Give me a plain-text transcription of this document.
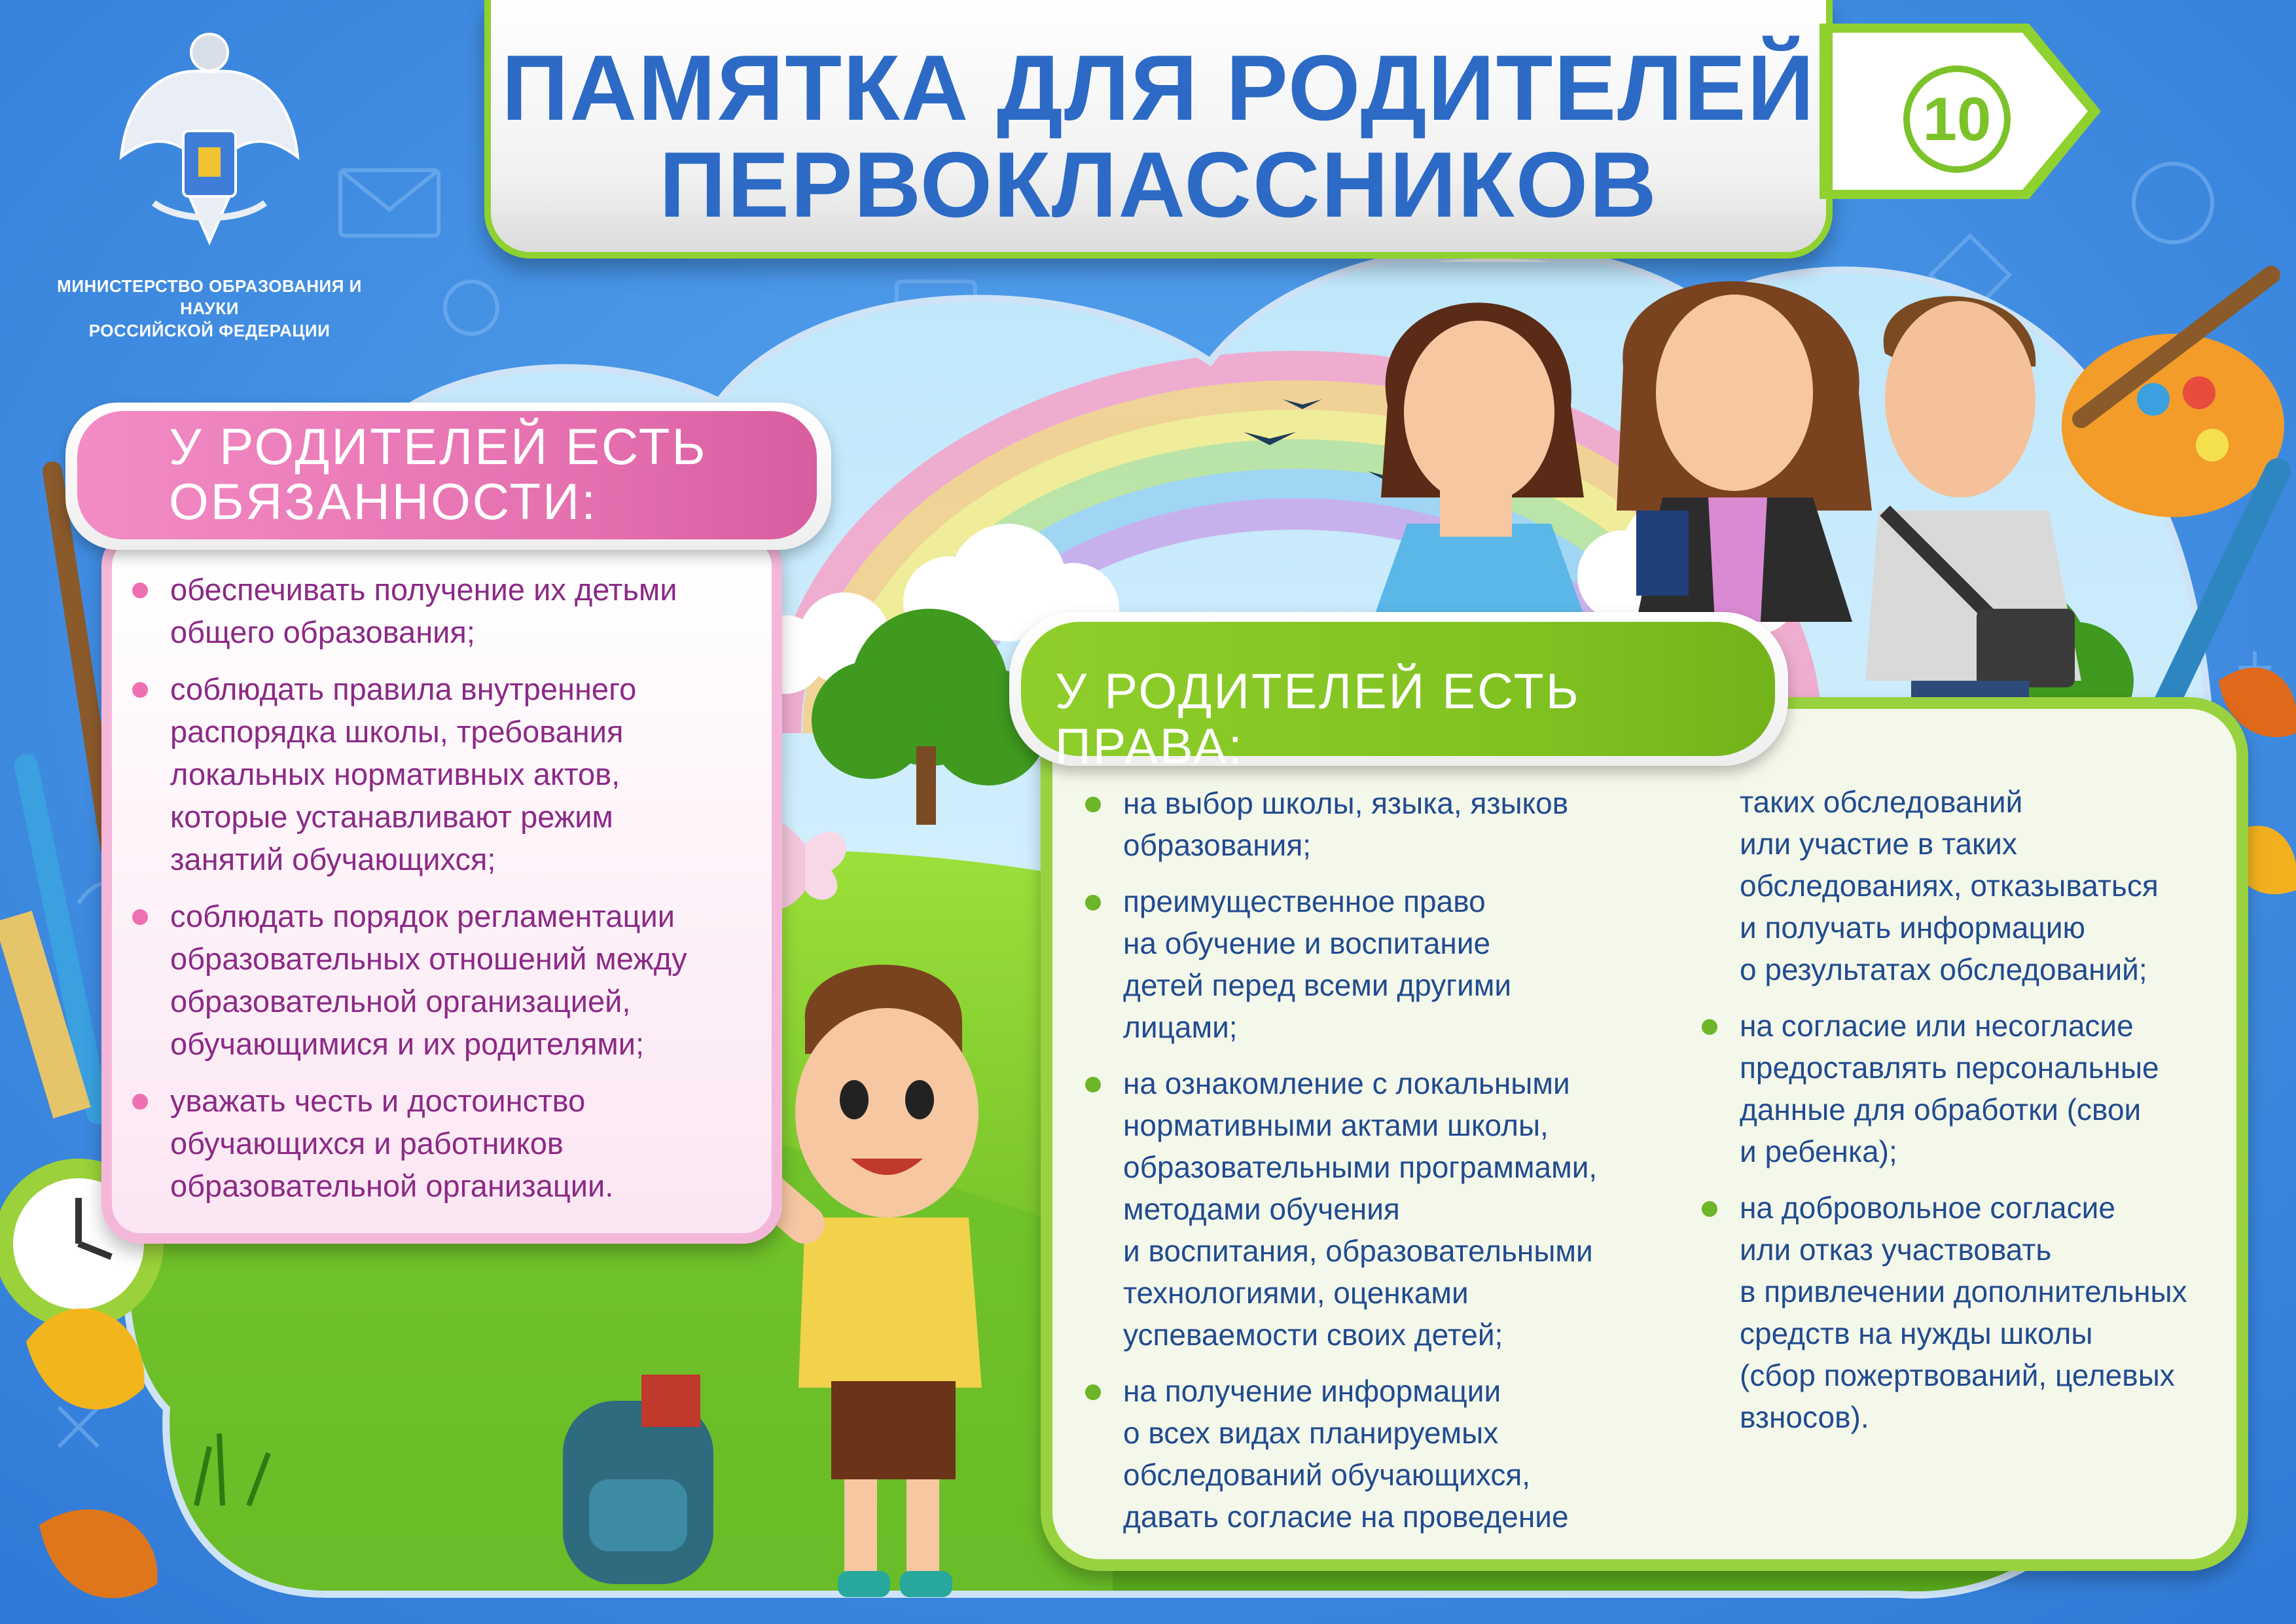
МИНИСТЕРСТВО ОБРАЗОВАНИЯ И НАУКИ
РОССИЙСКОЙ ФЕДЕРАЦИИ
ПАМЯТКА ДЛЯ РОДИТЕЛЕЙ
ПЕРВОКЛАССНИКОВ
10
У РОДИТЕЛЕЙ ЕСТЬ
ОБЯЗАННОСТИ:
обеспечивать получение их детьми
общего образования;
соблюдать правила внутреннего
распорядка школы, требования
локальных нормативных актов,
которые устанавливают режим
занятий обучающихся;
соблюдать порядок регламентации
образовательных отношений между
образовательной организацией,
обучающимися и их родителями;
уважать честь и достоинство
обучающихся и работников
образовательной организации.
У РОДИТЕЛЕЙ ЕСТЬ ПРАВА:
на выбор школы, языка, языков
образования;
преимущественное право
на обучение и воспитание
детей перед всеми другими
лицами;
на ознакомление с локальными
нормативными актами школы,
образовательными программами,
методами обучения
и воспитания, образовательными
технологиями, оценками
успеваемости своих детей;
на получение информации
о всех видах планируемых
обследований обучающихся,
давать согласие на проведение
таких обследований
или участие в таких
обследованиях, отказываться
и получать информацию
о результатах обследований;
на согласие или несогласие
предоставлять персональные
данные для обработки (свои
и ребенка);
на добровольное согласие
или отказ участвовать
в привлечении дополнительных
средств на нужды школы
(сбор пожертвований, целевых
взносов).
